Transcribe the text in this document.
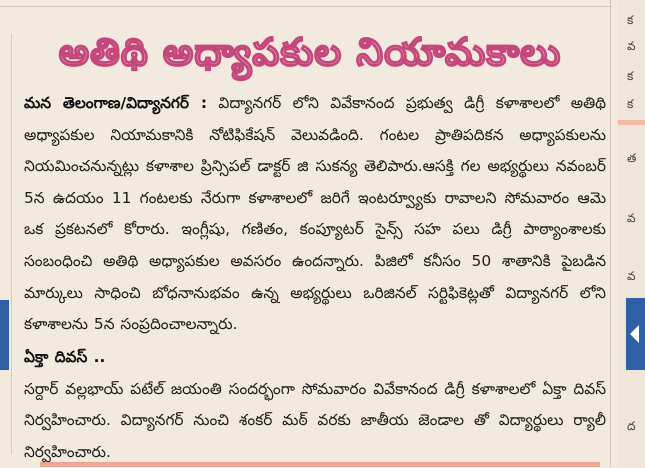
అతిథి అధ్యాపకుల నియామకాలు
మన తెలంగాణ/విద్యానగర్ : విద్యానగర్ లోని వివేకానంద ప్రభుత్వ డిగ్రీ కళాశాలలో అతిథి అధ్యాపకుల నియామకానికి నోటిఫికేషన్ వెలువడింది. గంటల ప్రాతిపదికన అధ్యాపకులను నియమించనున్నట్లు కళాశాల ప్రిన్సిపల్ డాక్టర్ జి సుకన్య తెలిపారు.ఆసక్తి గల అభ్యర్థులు నవంబర్ 5న ఉదయం 11 గంటలకు నేరుగా కళాశాలలో జరిగే ఇంటర్వ్యూకు రావాలని సోమవారం ఆమె ఒక ప్రకటనలో కోరారు. ఇంగ్లీషు, గణితం, కంప్యూటర్ సైన్స్ సహ పలు డిగ్రీ పాఠ్యాంశాలకు సంబంధించి అతిథి అధ్యాపకుల అవసరం ఉందన్నారు. పిజిలో కనీసం 50 శాతానికి పైబడిన మార్కులు సాధించి బోధనానుభవం ఉన్న అభ్యర్థులు ఒరిజినల్ సర్టిఫికెట్లతో విద్యానగర్ లోని కళాశాలను 5న సంప్రదించాలన్నారు.
ఏక్తా దివస్ ..
సర్దార్ వల్లభాయ్ పటేల్ జయంతి సందర్భంగా సోమవారం వివేకానంద డిగ్రీ కళాశాలలో ఏక్తా దివస్ నిర్వహించారు. విద్యానగర్ నుంచి శంకర్ మఠ్ వరకు జాతీయ జెండాల తో విద్యార్థులు ర్యాలీ నిర్వహించారు.
క
వ
క
క
త
వ
వ
ద
